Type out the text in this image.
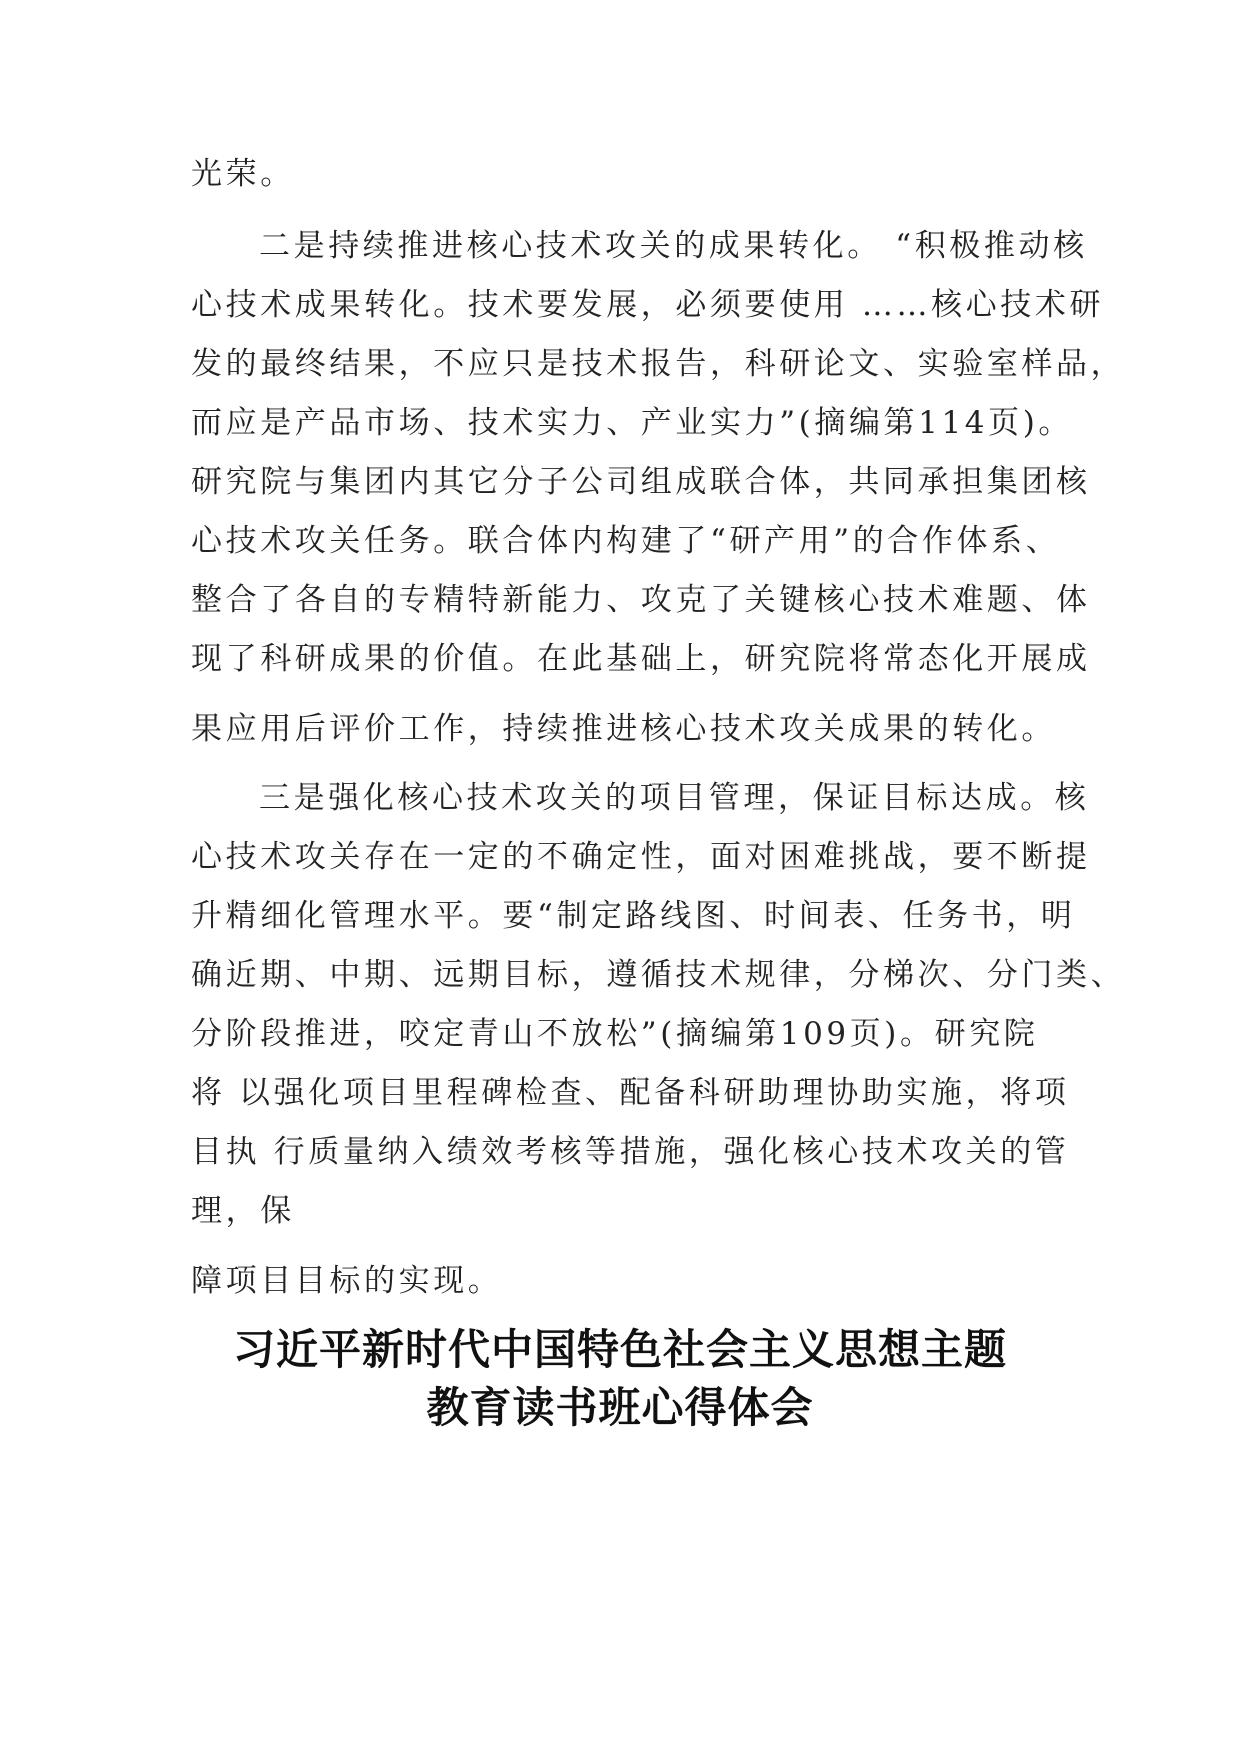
光荣。
二是持续推进核心技术攻关的成果转化。 “积极推动核
心技术成果转化。技术要发展，必须要使用 ……核心技术研
发的最终结果，不应只是技术报告，科研论文、实验室样品，
而应是产品市场、技术实力、产业实力”(摘编第114页)。
研究院与集团内其它分子公司组成联合体，共同承担集团核
心技术攻关任务。联合体内构建了“研产用”的合作体系、
整合了各自的专精特新能力、攻克了关键核心技术难题、体
现了科研成果的价值。在此基础上，研究院将常态化开展成
果应用后评价工作，持续推进核心技术攻关成果的转化。
三是强化核心技术攻关的项目管理，保证目标达成。核
心技术攻关存在一定的不确定性，面对困难挑战，要不断提
升精细化管理水平。要“制定路线图、时间表、任务书，明
确近期、中期、远期目标，遵循技术规律，分梯次、分门类、
分阶段推进，咬定青山不放松”(摘编第109页)。研究院
将 以强化项目里程碑检查、配备科研助理协助实施，将项
目执 行质量纳入绩效考核等措施，强化核心技术攻关的管
理，保
障项目目标的实现。
习近平新时代中国特色社会主义思想主题
教育读书班心得体会
